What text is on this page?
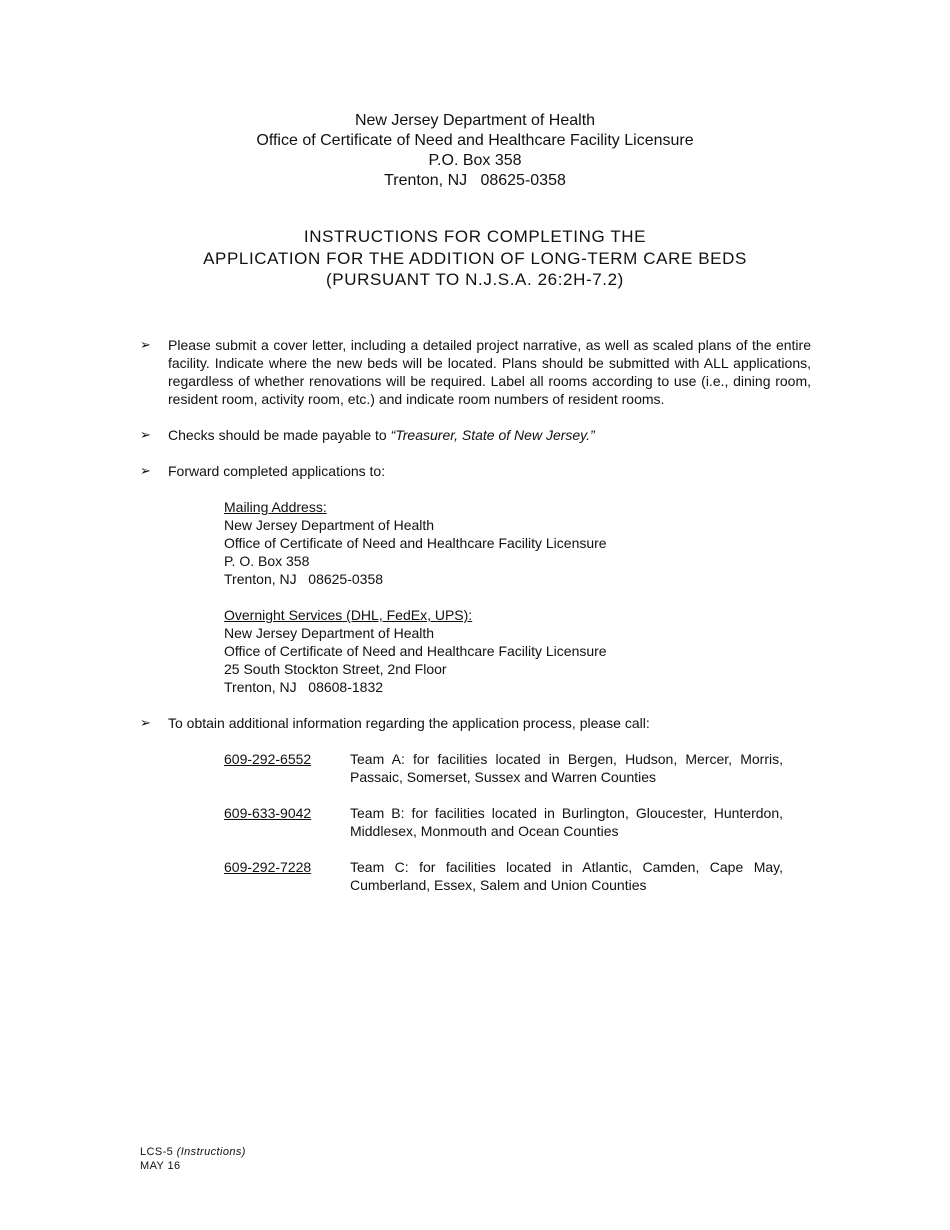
New Jersey Department of Health
Office of Certificate of Need and Healthcare Facility Licensure
P.O. Box 358
Trenton, NJ   08625-0358
INSTRUCTIONS FOR COMPLETING THE
APPLICATION FOR THE ADDITION OF LONG-TERM CARE BEDS
(PURSUANT TO N.J.S.A. 26:2H-7.2)
➢ Please submit a cover letter, including a detailed project narrative, as well as scaled plans of the entire facility. Indicate where the new beds will be located. Plans should be submitted with ALL applications, regardless of whether renovations will be required. Label all rooms according to use (i.e., dining room, resident room, activity room, etc.) and indicate room numbers of resident rooms.
➢ Checks should be made payable to “Treasurer, State of New Jersey.”
➢ Forward completed applications to:
Mailing Address:
New Jersey Department of Health
Office of Certificate of Need and Healthcare Facility Licensure
P. O. Box 358
Trenton, NJ   08625-0358
Overnight Services (DHL, FedEx, UPS):
New Jersey Department of Health
Office of Certificate of Need and Healthcare Facility Licensure
25 South Stockton Street, 2nd Floor
Trenton, NJ   08608-1832
➢ To obtain additional information regarding the application process, please call:
609-292-6552	Team A: for facilities located in Bergen, Hudson, Mercer, Morris, Passaic, Somerset, Sussex and Warren Counties
609-633-9042	Team B: for facilities located in Burlington, Gloucester, Hunterdon, Middlesex, Monmouth and Ocean Counties
609-292-7228	Team C: for facilities located in Atlantic, Camden, Cape May, Cumberland, Essex, Salem and Union Counties
LCS-5 (Instructions)
MAY 16
